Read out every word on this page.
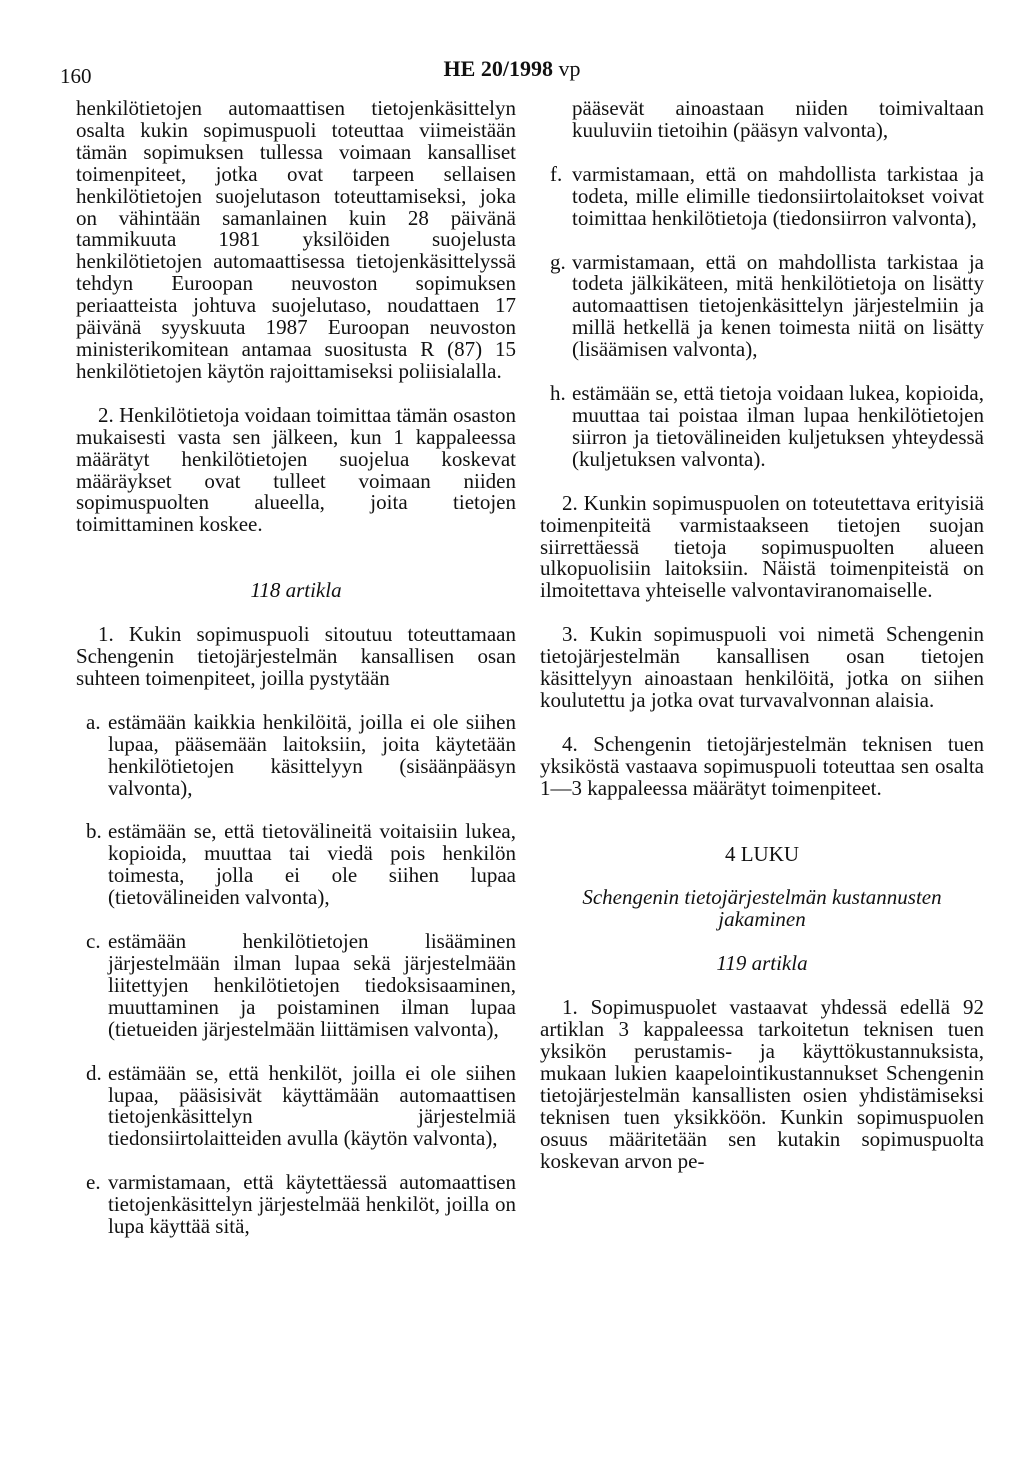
160	HE 20/1998 vp

henkilötietojen automaattisen tietojenkäsittelyn osalta kukin sopimuspuoli toteuttaa viimeistään tämän sopimuksen tullessa voimaan kansalliset toimenpiteet, jotka ovat tarpeen sellaisen henkilötietojen suojelutason toteuttamiseksi, joka on vähintään samanlainen kuin 28 päivänä tammikuuta 1981 yksilöiden suojelusta henkilötietojen automaattisessa tietojenkäsittelyssä tehdyn Euroopan neuvoston sopimuksen periaatteista johtuva suojelutaso, noudattaen 17 päivänä syyskuuta 1987 Euroopan neuvoston ministerikomitean antamaa suositusta R (87) 15 henkilötietojen käytön rajoittamiseksi poliisialalla.

2. Henkilötietoja voidaan toimittaa tämän osaston mukaisesti vasta sen jälkeen, kun 1 kappaleessa määrätyt henkilötietojen suojelua koskevat määräykset ovat tulleet voimaan niiden sopimuspuolten alueella, joita tietojen toimittaminen koskee.

118 artikla

1. Kukin sopimuspuoli sitoutuu toteuttamaan Schengenin tietojärjestelmän kansallisen osan suhteen toimenpiteet, joilla pystytään

a. estämään kaikkia henkilöitä, joilla ei ole siihen lupaa, pääsemään laitoksiin, joita käytetään henkilötietojen käsittelyyn (sisäänpääsyn valvonta),
b. estämään se, että tietovälineitä voitaisiin lukea, kopioida, muuttaa tai viedä pois henkilön toimesta, jolla ei ole siihen lupaa (tietovälineiden valvonta),
c. estämään henkilötietojen lisääminen järjestelmään ilman lupaa sekä järjestelmään liitettyjen henkilötietojen tiedoksisaaminen, muuttaminen ja poistaminen ilman lupaa (tietueiden järjestelmään liittämisen valvonta),
d. estämään se, että henkilöt, joilla ei ole siihen lupaa, pääsisivät käyttämään automaattisen tietojenkäsittelyn järjestelmiä tiedonsiirtolaitteiden avulla (käytön valvonta),
e. varmistamaan, että käytettäessä automaattisen tietojenkäsittelyn järjestelmää henkilöt, joilla on lupa käyttää sitä,
pääsevät ainoastaan niiden toimivaltaan kuuluviin tietoihin (pääsyn valvonta),
f. varmistamaan, että on mahdollista tarkistaa ja todeta, mille elimille tiedonsiirtolaitokset voivat toimittaa henkilötietoja (tiedonsiirron valvonta),
g. varmistamaan, että on mahdollista tarkistaa ja todeta jälkikäteen, mitä henkilötietoja on lisätty automaattisen tietojenkäsittelyn järjestelmiin ja millä hetkellä ja kenen toimesta niitä on lisätty (lisäämisen valvonta),
h. estämään se, että tietoja voidaan lukea, kopioida, muuttaa tai poistaa ilman lupaa henkilötietojen siirron ja tietovälineiden kuljetuksen yhteydessä (kuljetuksen valvonta).

2. Kunkin sopimuspuolen on toteutettava erityisiä toimenpiteitä varmistaakseen tietojen suojan siirrettäessä tietoja sopimuspuolten alueen ulkopuolisiin laitoksiin. Näistä toimenpiteistä on ilmoitettava yhteiselle valvontaviranomaiselle.

3. Kukin sopimuspuoli voi nimetä Schengenin tietojärjestelmän kansallisen osan tietojen käsittelyyn ainoastaan henkilöitä, jotka on siihen koulutettu ja jotka ovat turvavalvonnan alaisia.

4. Schengenin tietojärjestelmän teknisen tuen yksiköstä vastaava sopimuspuoli toteuttaa sen osalta 1—3 kappaleessa määrätyt toimenpiteet.

4 LUKU

Schengenin tietojärjestelmän kustannusten jakaminen

119 artikla

1. Sopimuspuolet vastaavat yhdessä edellä 92 artiklan 3 kappaleessa tarkoitetun teknisen tuen yksikön perustamis- ja käyttökustannuksista, mukaan lukien kaapelointikustannukset Schengenin tietojärjestelmän kansallisten osien yhdistämiseksi teknisen tuen yksikköön. Kunkin sopimuspuolen osuus määritetään sen kutakin sopimuspuolta koskevan arvon pe-
